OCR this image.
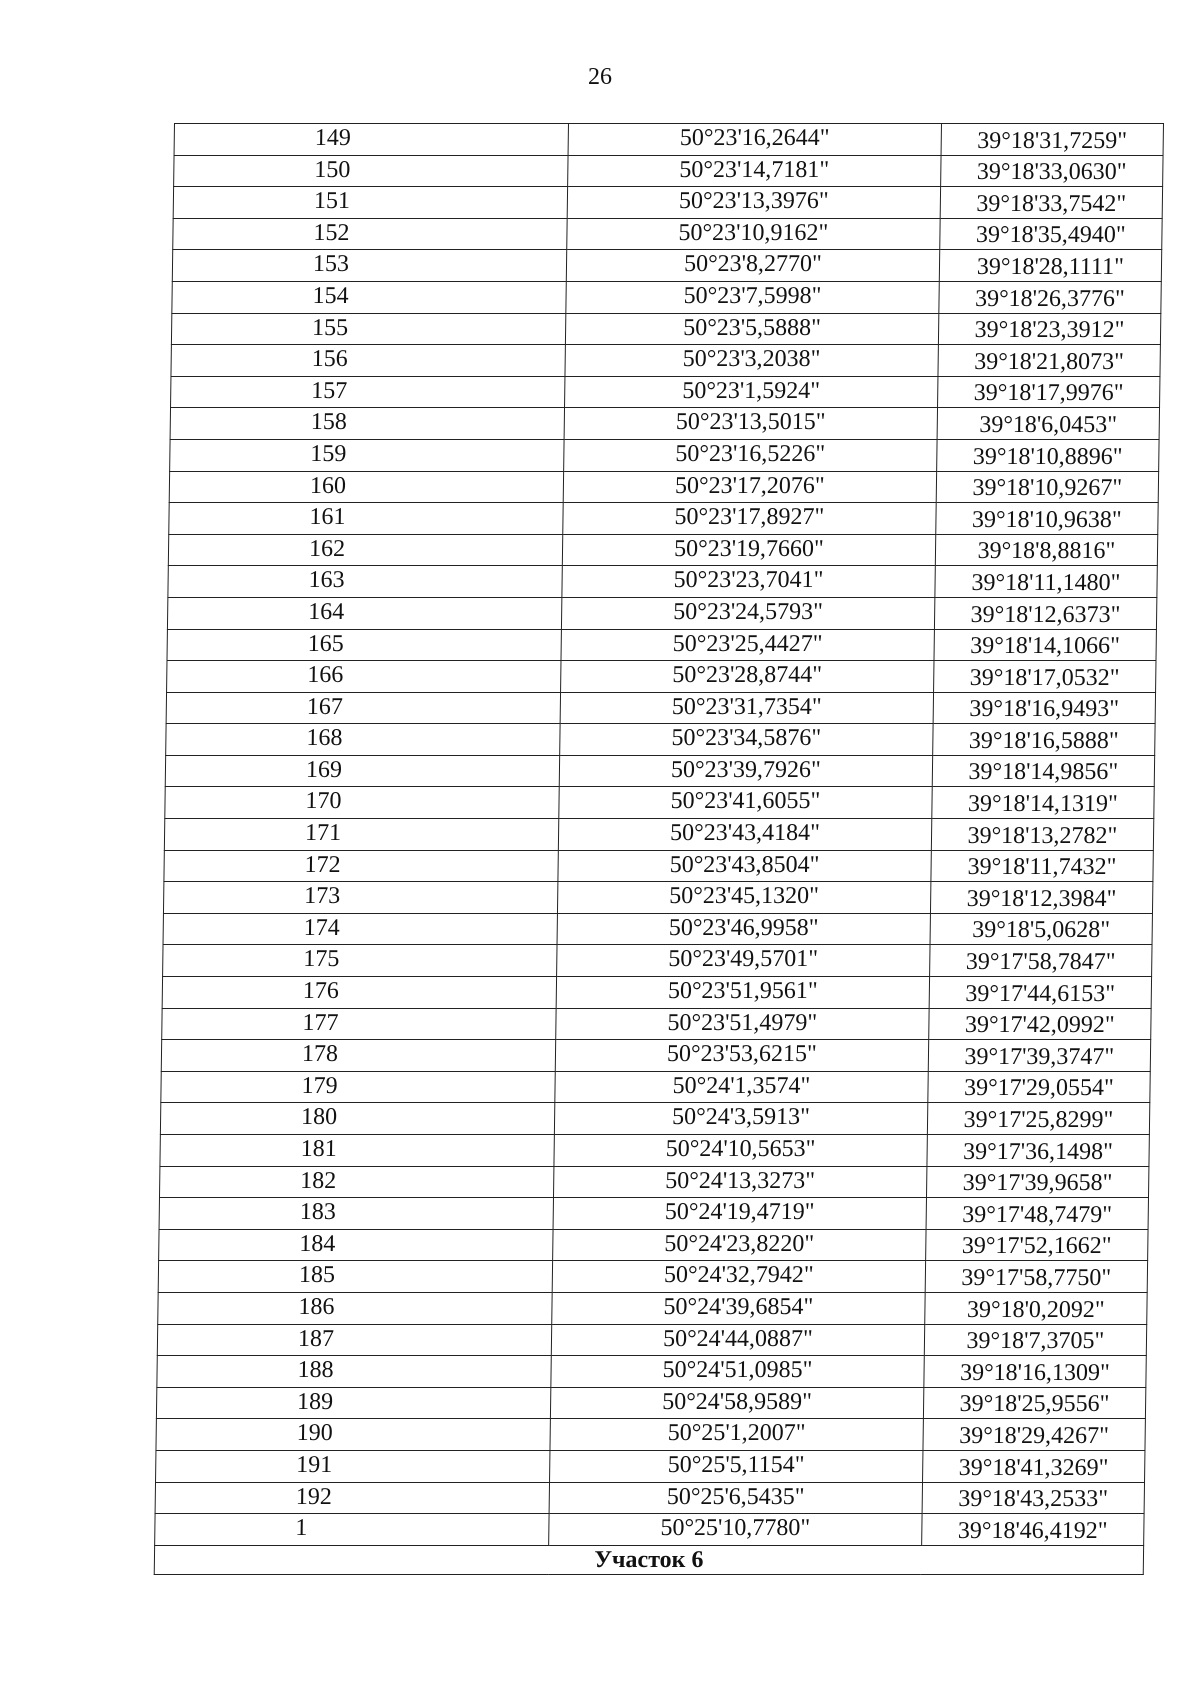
26
149	50°23'16,2644"	39°18'31,7259"
150	50°23'14,7181"	39°18'33,0630"
151	50°23'13,3976"	39°18'33,7542"
152	50°23'10,9162"	39°18'35,4940"
153	50°23'8,2770"	39°18'28,1111"
154	50°23'7,5998"	39°18'26,3776"
155	50°23'5,5888"	39°18'23,3912"
156	50°23'3,2038"	39°18'21,8073"
157	50°23'1,5924"	39°18'17,9976"
158	50°23'13,5015"	39°18'6,0453"
159	50°23'16,5226"	39°18'10,8896"
160	50°23'17,2076"	39°18'10,9267"
161	50°23'17,8927"	39°18'10,9638"
162	50°23'19,7660"	39°18'8,8816"
163	50°23'23,7041"	39°18'11,1480"
164	50°23'24,5793"	39°18'12,6373"
165	50°23'25,4427"	39°18'14,1066"
166	50°23'28,8744"	39°18'17,0532"
167	50°23'31,7354"	39°18'16,9493"
168	50°23'34,5876"	39°18'16,5888"
169	50°23'39,7926"	39°18'14,9856"
170	50°23'41,6055"	39°18'14,1319"
171	50°23'43,4184"	39°18'13,2782"
172	50°23'43,8504"	39°18'11,7432"
173	50°23'45,1320"	39°18'12,3984"
174	50°23'46,9958"	39°18'5,0628"
175	50°23'49,5701"	39°17'58,7847"
176	50°23'51,9561"	39°17'44,6153"
177	50°23'51,4979"	39°17'42,0992"
178	50°23'53,6215"	39°17'39,3747"
179	50°24'1,3574"	39°17'29,0554"
180	50°24'3,5913"	39°17'25,8299"
181	50°24'10,5653"	39°17'36,1498"
182	50°24'13,3273"	39°17'39,9658"
183	50°24'19,4719"	39°17'48,7479"
184	50°24'23,8220"	39°17'52,1662"
185	50°24'32,7942"	39°17'58,7750"
186	50°24'39,6854"	39°18'0,2092"
187	50°24'44,0887"	39°18'7,3705"
188	50°24'51,0985"	39°18'16,1309"
189	50°24'58,9589"	39°18'25,9556"
190	50°25'1,2007"	39°18'29,4267"
191	50°25'5,1154"	39°18'41,3269"
192	50°25'6,5435"	39°18'43,2533"
1	50°25'10,7780"	39°18'46,4192"
Участок 6		
